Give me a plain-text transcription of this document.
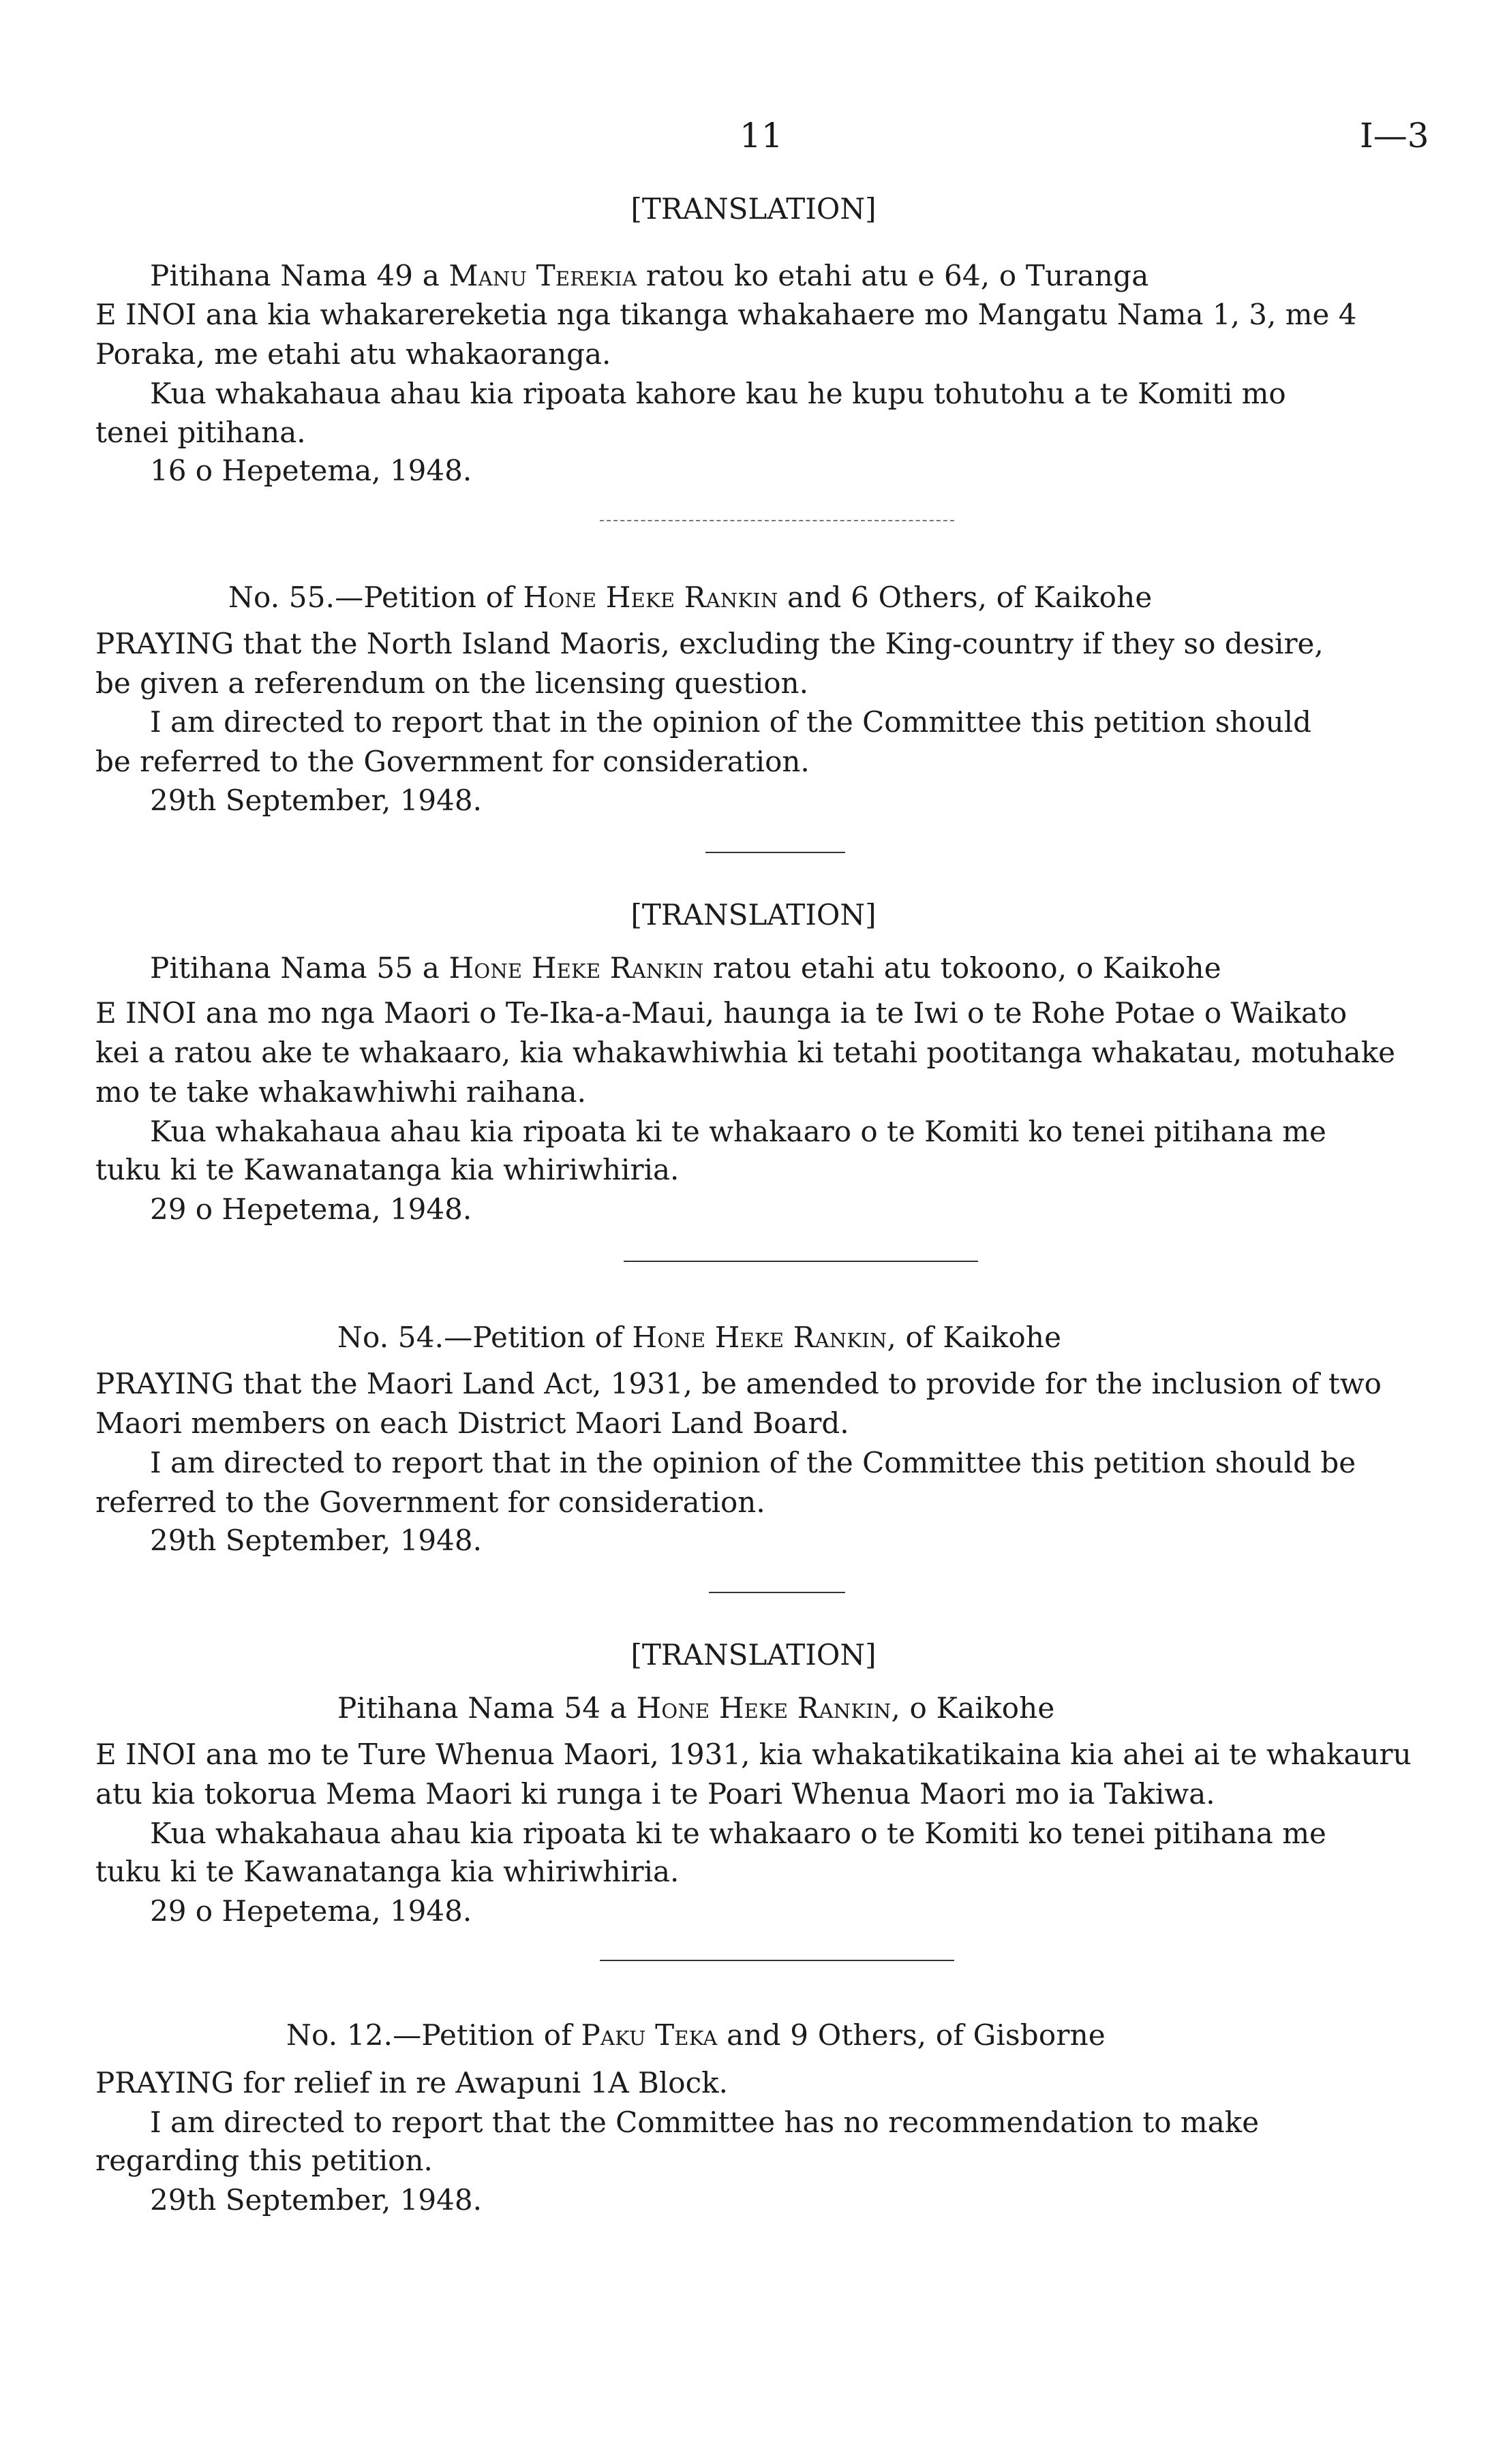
11	I—3
[TRANSLATION]
Pitihana Nama 49 a Manu Terekia ratou ko etahi atu e 64, o Turanga
E INOI ana kia whakarereketia nga tikanga whakahaere mo Mangatu Nama 1, 3, me 4
Poraka, me etahi atu whakaoranga.
Kua whakahaua ahau kia ripoata kahore kau he kupu tohutohu a te Komiti mo
tenei pitihana.
16 o Hepetema, 1948.
No. 55.—Petition of Hone Heke Rankin and 6 Others, of Kaikohe
PRAYING that the North Island Maoris, excluding the King-country if they so desire,
be given a referendum on the licensing question.
I am directed to report that in the opinion of the Committee this petition should
be referred to the Government for consideration.
29th September, 1948.
[TRANSLATION]
Pitihana Nama 55 a Hone Heke Rankin ratou etahi atu tokoono, o Kaikohe
E INOI ana mo nga Maori o Te-Ika-a-Maui, haunga ia te Iwi o te Rohe Potae o Waikato
kei a ratou ake te whakaaro, kia whakawhiwhia ki tetahi pootitanga whakatau, motuhake
mo te take whakawhiwhi raihana.
Kua whakahaua ahau kia ripoata ki te whakaaro o te Komiti ko tenei pitihana me
tuku ki te Kawanatanga kia whiriwhiria.
29 o Hepetema, 1948.
No. 54.—Petition of Hone Heke Rankin, of Kaikohe
PRAYING that the Maori Land Act, 1931, be amended to provide for the inclusion of two
Maori members on each District Maori Land Board.
I am directed to report that in the opinion of the Committee this petition should be
referred to the Government for consideration.
29th September, 1948.
[TRANSLATION]
Pitihana Nama 54 a Hone Heke Rankin, o Kaikohe
E INOI ana mo te Ture Whenua Maori, 1931, kia whakatikatikaina kia ahei ai te whakauru
atu kia tokorua Mema Maori ki runga i te Poari Whenua Maori mo ia Takiwa.
Kua whakahaua ahau kia ripoata ki te whakaaro o te Komiti ko tenei pitihana me
tuku ki te Kawanatanga kia whiriwhiria.
29 o Hepetema, 1948.
No. 12.—Petition of Paku Teka and 9 Others, of Gisborne
PRAYING for relief in re Awapuni 1A Block.
I am directed to report that the Committee has no recommendation to make
regarding this petition.
29th September, 1948.
